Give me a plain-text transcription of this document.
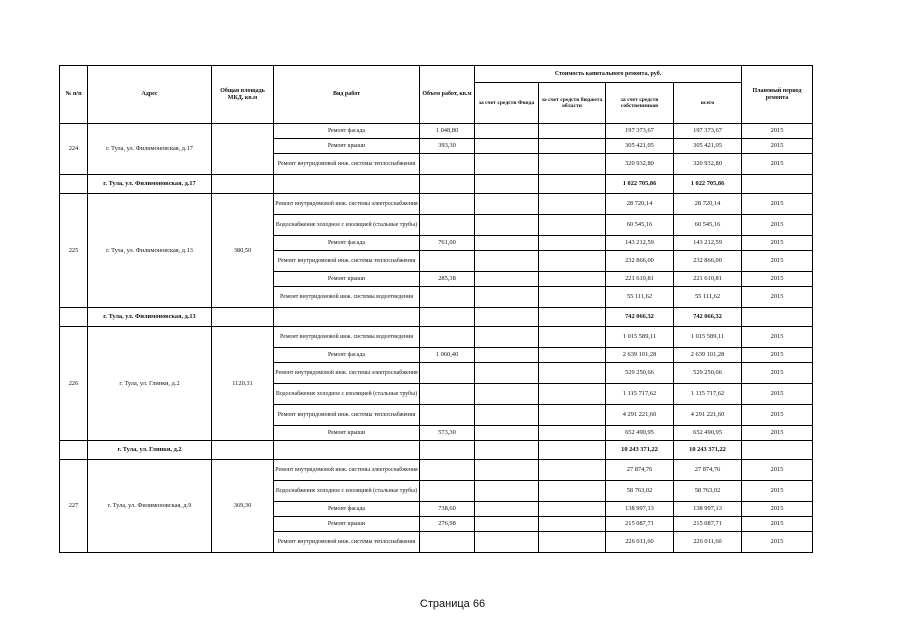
№ п/п	Адрес	Общая площадь МКД, кв.м	Вид работ	Объем работ, кв.м	Стоимость капитального ремонта, руб.				Плановый период ремонта
					за счет средств Фонда	за счет средств бюджета области	за счет средств собственников	всего	
224	г. Тула, ул. Филимоновская, д.17		Ремонт фасада	1 048,80			197 373,67	197 373,67	2015
			Ремонт крыши	393,30			305 421,05	305 421,05	2015
			Ремонт внутридомовой инж. системы теплоснабжения				320 932,80	320 932,80	2015
	г. Тула, ул. Филимоновская, д.17						1 022 705,86	1 022 705,86	
225	г. Тула, ул. Филимоновская, д.13	380,50	Ремонт внутридомовой инж. системы электроснабжения				28 720,14	28 720,14	2015
			Водоснабжение холодное с изоляцией (стальные трубы)				60 545,16	60 545,16	2015
			Ремонт фасада	761,00			143 212,59	143 212,59	2015
			Ремонт внутридомовой инж. системы теплоснабжения				232 866,00	232 866,00	2015
			Ремонт крыши	285,38			221 610,81	221 610,81	2015
			Ремонт внутридомовой инж. системы водоотведения				55 111,62	55 111,62	2015
	г. Тула, ул. Филимоновская, д.13						742 066,32	742 066,32	
226	г. Тула, ул. Глинки, д.2	1120,31	Ремонт внутридомовой инж. системы водоотведения				1 015 589,11	1 015 589,11	2015
			Ремонт фасада	1 060,40			2 639 101,28	2 639 101,28	2015
			Ремонт внутридомовой инж. системы электроснабжения				529 250,66	529 250,66	2015
			Водоснабжение холодное с изоляцией (стальные трубы)				1 115 717,62	1 115 717,62	2015
			Ремонт внутридомовой инж. системы теплоснабжения				4 291 221,60	4 291 221,60	2015
			Ремонт крыши	573,30			652 490,95	652 490,95	2015
	г. Тула, ул. Глинки, д.2						10 243 371,22	10 243 371,22	
227	г. Тула, ул. Филимоновская, д.9	369,30	Ремонт внутридомовой инж. системы электроснабжения				27 874,76	27 874,76	2015
			Водоснабжение холодное с изоляцией (стальные трубы)				58 763,02	58 763,02	2015
			Ремонт фасада	738,60			138 997,13	138 997,13	2015
			Ремонт крыши	276,98			215 087,71	215 087,71	2015
			Ремонт внутридомовой инж. системы теплоснабжения				226 011,60	226 011,60	2015
Страница 66
